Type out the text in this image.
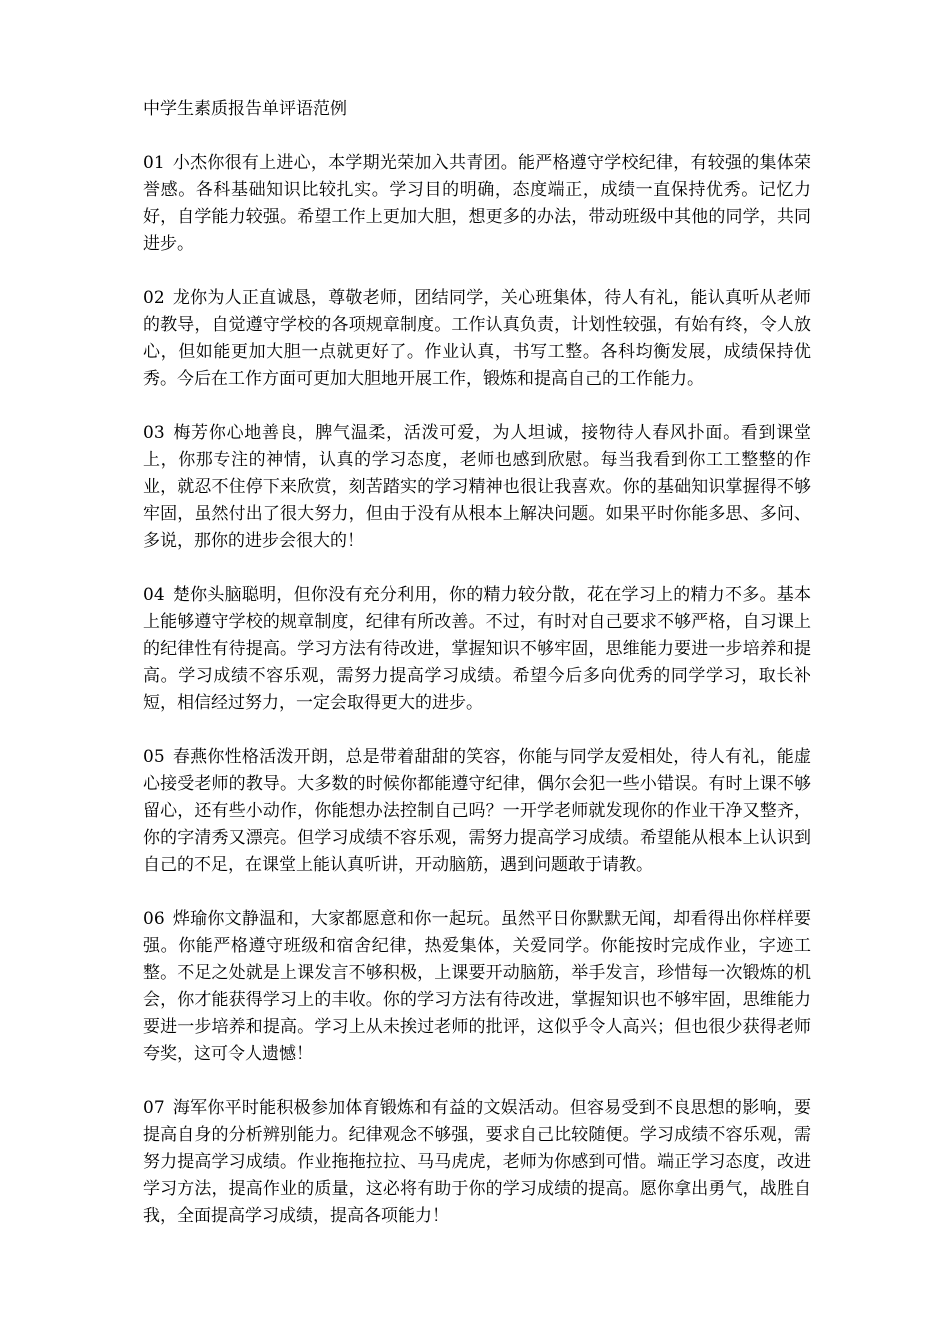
中学生素质报告单评语范例

01 小杰你很有上进心，本学期光荣加入共青团。能严格遵守学校纪律，有较强的集体荣誉感。各科基础知识比较扎实。学习目的明确，态度端正，成绩一直保持优秀。记忆力好，自学能力较强。希望工作上更加大胆，想更多的办法，带动班级中其他的同学，共同进步。

02 龙你为人正直诚恳，尊敬老师，团结同学，关心班集体，待人有礼，能认真听从老师的教导，自觉遵守学校的各项规章制度。工作认真负责，计划性较强，有始有终，令人放心，但如能更加大胆一点就更好了。作业认真，书写工整。各科均衡发展，成绩保持优秀。今后在工作方面可更加大胆地开展工作，锻炼和提高自己的工作能力。

03 梅芳你心地善良，脾气温柔，活泼可爱，为人坦诚，接物待人春风扑面。看到课堂上，你那专注的神情，认真的学习态度，老师也感到欣慰。每当我看到你工工整整的作业，就忍不住停下来欣赏，刻苦踏实的学习精神也很让我喜欢。你的基础知识掌握得不够牢固，虽然付出了很大努力，但由于没有从根本上解决问题。如果平时你能多思、多问、多说，那你的进步会很大的！

04 楚你头脑聪明，但你没有充分利用，你的精力较分散，花在学习上的精力不多。基本上能够遵守学校的规章制度，纪律有所改善。不过，有时对自己要求不够严格，自习课上的纪律性有待提高。学习方法有待改进，掌握知识不够牢固，思维能力要进一步培养和提高。学习成绩不容乐观，需努力提高学习成绩。希望今后多向优秀的同学学习，取长补短，相信经过努力，一定会取得更大的进步。

05 春燕你性格活泼开朗，总是带着甜甜的笑容，你能与同学友爱相处，待人有礼，能虚心接受老师的教导。大多数的时候你都能遵守纪律，偶尔会犯一些小错误。有时上课不够留心，还有些小动作，你能想办法控制自己吗？一开学老师就发现你的作业干净又整齐，你的字清秀又漂亮。但学习成绩不容乐观，需努力提高学习成绩。希望能从根本上认识到自己的不足，在课堂上能认真听讲，开动脑筋，遇到问题敢于请教。

06 烨瑜你文静温和，大家都愿意和你一起玩。虽然平日你默默无闻，却看得出你样样要强。你能严格遵守班级和宿舍纪律，热爱集体，关爱同学。你能按时完成作业，字迹工整。不足之处就是上课发言不够积极，上课要开动脑筋，举手发言，珍惜每一次锻炼的机会，你才能获得学习上的丰收。你的学习方法有待改进，掌握知识也不够牢固，思维能力要进一步培养和提高。学习上从未挨过老师的批评，这似乎令人高兴；但也很少获得老师夸奖，这可令人遗憾！

07 海军你平时能积极参加体育锻炼和有益的文娱活动。但容易受到不良思想的影响，要提高自身的分析辨别能力。纪律观念不够强，要求自己比较随便。学习成绩不容乐观，需努力提高学习成绩。作业拖拖拉拉、马马虎虎，老师为你感到可惜。端正学习态度，改进学习方法，提高作业的质量，这必将有助于你的学习成绩的提高。愿你拿出勇气，战胜自我，全面提高学习成绩，提高各项能力！
